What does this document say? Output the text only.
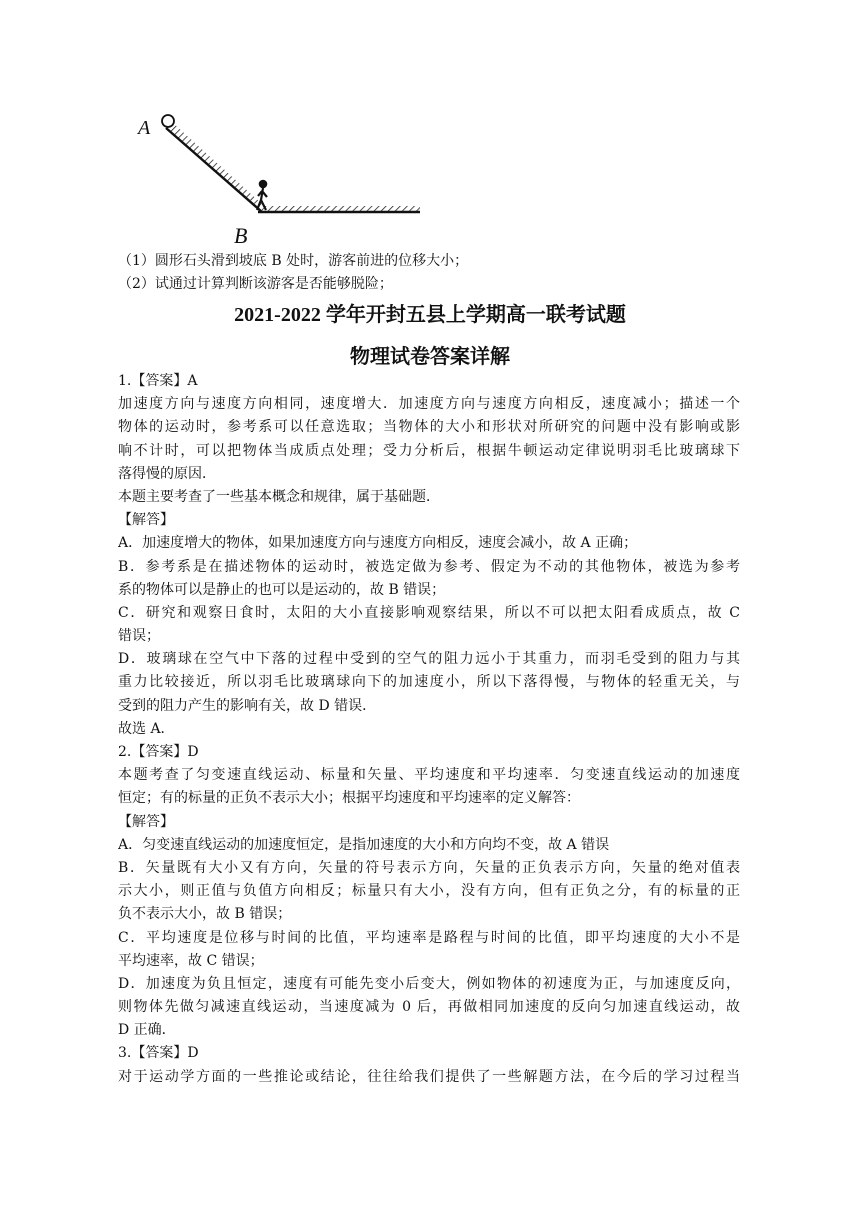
A
B
（1）圆形石头滑到坡底 B 处时，游客前进的位移大小；
（2）试通过计算判断该游客是否能够脱险；
2021-2022 学年开封五县上学期高一联考试题
物理试卷答案详解
1.【答案】A
加速度方向与速度方向相同，速度增大．加速度方向与速度方向相反，速度减小；描述一个
物体的运动时，参考系可以任意选取；当物体的大小和形状对所研究的问题中没有影响或影
响不计时，可以把物体当成质点处理；受力分析后，根据牛顿运动定律说明羽毛比玻璃球下
落得慢的原因．
本题主要考查了一些基本概念和规律，属于基础题．
【解答】
A．加速度增大的物体，如果加速度方向与速度方向相反，速度会减小，故 A 正确；
B．参考系是在描述物体的运动时，被选定做为参考、假定为不动的其他物体，被选为参考
系的物体可以是静止的也可以是运动的，故 B 错误；
C．研究和观察日食时，太阳的大小直接影响观察结果，所以不可以把太阳看成质点，故 C
错误；
D．玻璃球在空气中下落的过程中受到的空气的阻力远小于其重力，而羽毛受到的阻力与其
重力比较接近，所以羽毛比玻璃球向下的加速度小，所以下落得慢，与物体的轻重无关，与
受到的阻力产生的影响有关，故 D 错误．
故选 A．
2.【答案】D
本题考查了匀变速直线运动、标量和矢量、平均速度和平均速率．匀变速直线运动的加速度
恒定；有的标量的正负不表示大小；根据平均速度和平均速率的定义解答：
【解答】
A．匀变速直线运动的加速度恒定，是指加速度的大小和方向均不变，故 A 错误
B．矢量既有大小又有方向，矢量的符号表示方向，矢量的正负表示方向，矢量的绝对值表
示大小，则正值与负值方向相反；标量只有大小，没有方向，但有正负之分，有的标量的正
负不表示大小，故 B 错误；
C．平均速度是位移与时间的比值，平均速率是路程与时间的比值，即平均速度的大小不是
平均速率，故 C 错误；
D．加速度为负且恒定，速度有可能先变小后变大，例如物体的初速度为正，与加速度反向，
则物体先做匀减速直线运动，当速度减为 0 后，再做相同加速度的反向匀加速直线运动，故
D 正确．
3.【答案】D
对于运动学方面的一些推论或结论，往往给我们提供了一些解题方法，在今后的学习过程当
